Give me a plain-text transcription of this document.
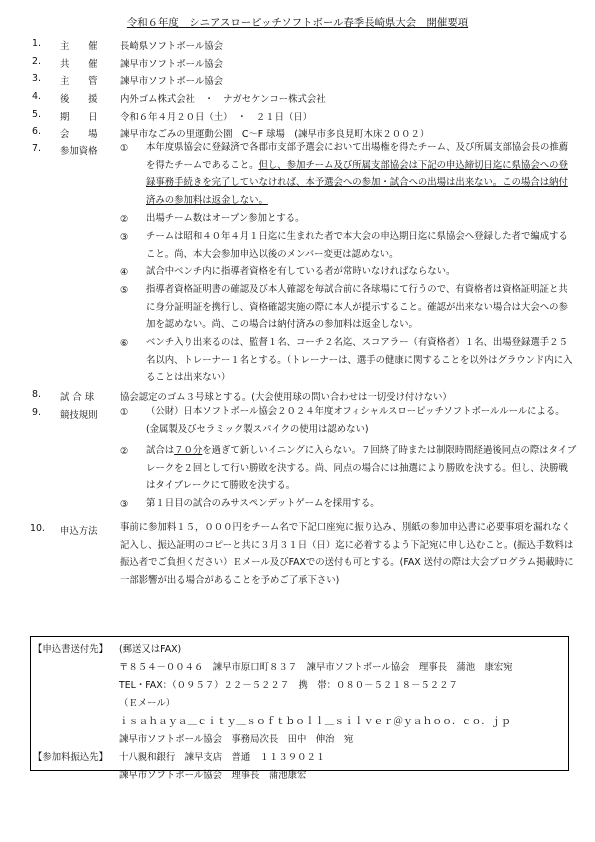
令和６年度　シニアスローピッチソフトボール春季長崎県大会　開催要項
1. 主　　催 長崎県ソフトボール協会
2. 共　　催 諫早市ソフトボール協会
3. 主　　管 諫早市ソフトボール協会
4. 後　　援 内外ゴム株式会社　・　ナガセケンコー株式会社
5. 期　　日 令和６年４月２０日（土）　・　２１日（日）
6. 会　　場 諫早市なごみの里運動公園　C～F 球場　(諫早市多良見町木床２００２）
7. 参加資格 ① 本年度県協会に登録済で各郡市支部予選会において出場権を得たチーム、及び所属支部協会長の推薦を得たチームであること。但し、参加チーム及び所属支部協会は下記の申込締切日迄に県協会への登録事務手続きを完了していなければ、本予選会への参加・試合への出場は出来ない。この場合は納付済みの参加料は返金しない。
② 出場チーム数はオープン参加とする。
③ チームは昭和４０年４月１日迄に生まれた者で本大会の申込期日迄に県協会へ登録した者で編成すること。尚、本大会参加申込以後のメンバー変更は認めない。
④ 試合中ベンチ内に指導者資格を有している者が常時いなければならない。
⑤ 指導者資格証明書の確認及び本人確認を毎試合前に各球場にて行うので、有資格者は資格証明証と共に身分証明証を携行し、資格確認実施の際に本人が提示すること。確認が出来ない場合は大会への参加を認めない。尚、この場合は納付済みの参加料は返金しない。
⑥ ベンチ入り出来るのは、監督１名、コーチ２名迄、スコアラー（有資格者）１名、出場登録選手２５名以内、トレーナー１名とする。（トレーナーは、選手の健康に関することを以外はグラウンド内に入ることは出来ない）
8. 試 合 球	協会認定のゴム３号球とする。(大会使用球の問い合わせは一切受け付けない）
9. 競技規則 ① （公財）日本ソフトボール協会２０２４年度オフィシャルスローピッチソフトボールルールによる。(金属製及びセラミック製スパイクの使用は認めない)
② 試合は７０分を過ぎて新しいイニングに入らない。７回終了時または制限時間経過後同点の際はタイブレークを２回として行い勝敗を決する。尚、同点の場合には抽選により勝敗を決する。但し、決勝戦はタイブレークにて勝敗を決する。
③ 第１日目の試合のみサスペンデットゲームを採用する。
10. 申込方法 事前に参加料１５，０００円をチーム名で下記口座宛に振り込み、別紙の参加申込書に必要事項を漏れなく記入し、振込証明のコピーと共に３月３１日（日）迄に必着するよう下記宛に申し込むこと。(振込手数料は振込者でご負担ください）Ｅメール及びFAXでの送付も可とする。(FAX 送付の際は大会プログラム掲載時に一部影響が出る場合があることを予めご了承下さい)
【申込書送付先】 (郵送又はFAX)
〒８５４－００４６　諫早市原口町８３７　諫早市ソフトボール協会　理事長　蒲池　康宏宛
TEL・FAX：（０９５７）２２－５２２７　携　帯：０８０－５２１８－５２２７
（Ｅメール）
ｉｓａｈａｙａ＿ｃｉｔｙ＿ｓｏｆｔｂｏｌｌ＿ｓｉｌｖｅｒ＠ｙａｈｏｏ．ｃｏ．ｊｐ
諫早市ソフトボール協会　事務局次長　田中　伸治　宛
【参加料振込先】 十八親和銀行　諫早支店　普通　１１３９０２１
諫早市ソフトボール協会　理事長　蒲池康宏
